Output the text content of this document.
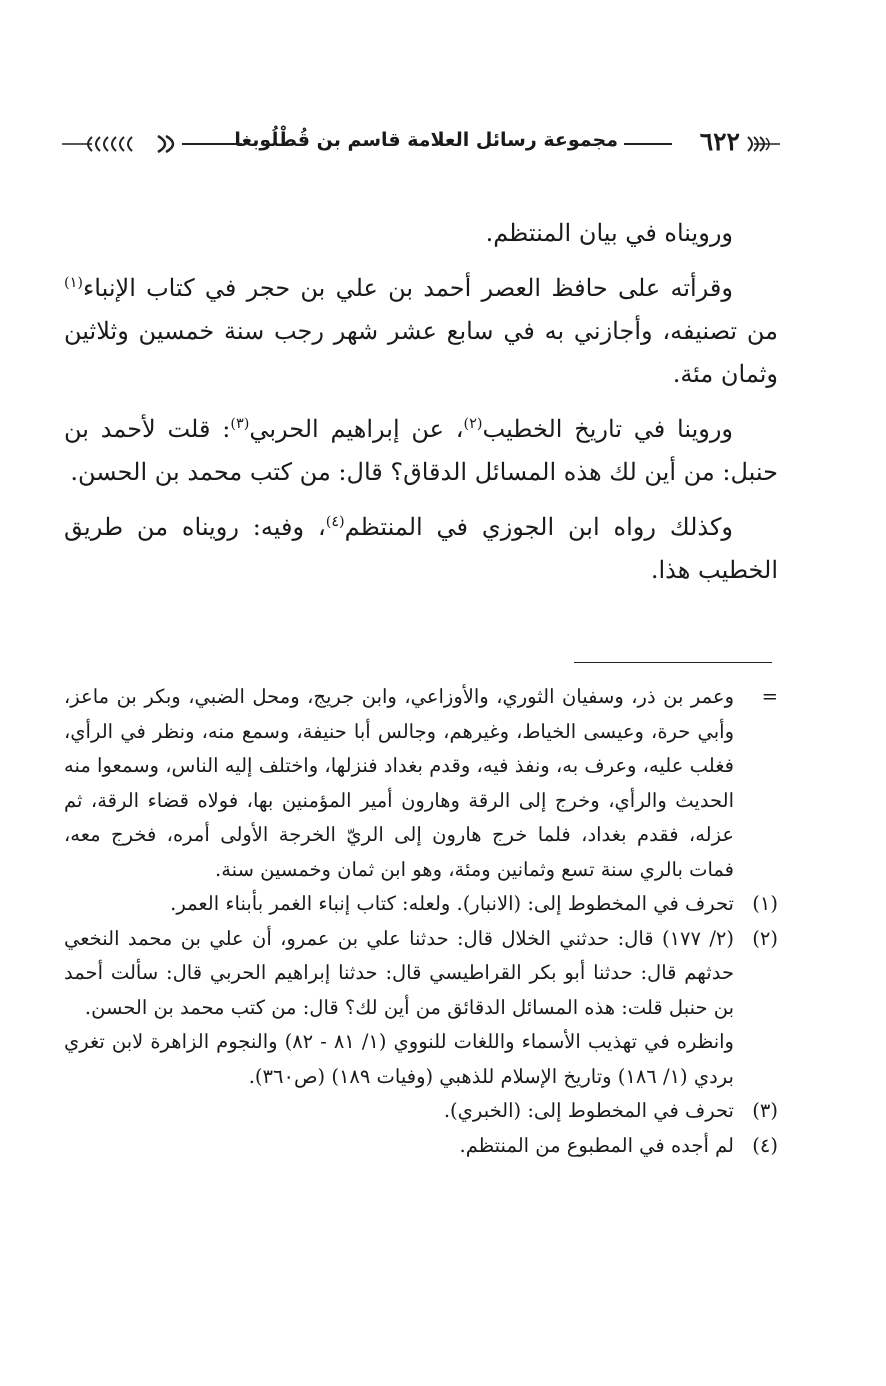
٦٢٢
مجموعة رسائل العلامة قاسم بن قُطْلُوبغا

ورويناه في بيان المنتظم.

وقرأته على حافظ العصر أحمد بن علي بن حجر في كتاب الإنباء$^{(١)}$ من تصنيفه، وأجازني به في سابع عشر شهر رجب سنة خمسين وثلاثين وثمان مئة.

وروينا في تاريخ الخطيب$^{(٢)}$، عن إبراهيم الحربي$^{(٣)}$: قلت لأحمد بن حنبل: من أين لك هذه المسائل الدقاق؟ قال: من كتب محمد بن الحسن.

وكذلك رواه ابن الجوزي في المنتظم$^{(٤)}$، وفيه: رويناه من طريق الخطيب هذا.

=
وعمر بن ذر، وسفيان الثوري، والأوزاعي، وابن جريج، ومحل الضبي، وبكر بن ماعز، وأبي حرة، وعيسى الخياط، وغيرهم، وجالس أبا حنيفة، وسمع منه، ونظر في الرأي، فغلب عليه، وعرف به، ونفذ فيه، وقدم بغداد فنزلها، واختلف إليه الناس، وسمعوا منه الحديث والرأي، وخرج إلى الرقة وهارون أمير المؤمنين بها، فولاه قضاء الرقة، ثم عزله، فقدم بغداد، فلما خرج هارون إلى الريّ الخرجة الأولى أمره، فخرج معه، فمات بالري سنة تسع وثمانين ومئة، وهو ابن ثمان وخمسين سنة.
(١)
تحرف في المخطوط إلى: (الانبار). ولعله: كتاب إنباء الغمر بأبناء العمر.
(٢)
(٢/ ١٧٧) قال: حدثني الخلال قال: حدثنا علي بن عمرو، أن علي بن محمد النخعي حدثهم قال: حدثنا أبو بكر القراطيسي قال: حدثنا إبراهيم الحربي قال: سألت أحمد بن حنبل قلت: هذه المسائل الدقائق من أين لك؟ قال: من كتب محمد بن الحسن.
وانظره في تهذيب الأسماء واللغات للنووي (١/ ٨١ - ٨٢) والنجوم الزاهرة لابن تغري بردي (١/ ١٨٦) وتاريخ الإسلام للذهبي (وفيات ١٨٩) (ص٣٦٠).
(٣)
تحرف في المخطوط إلى: (الخبري).
(٤)
لم أجده في المطبوع من المنتظم.
